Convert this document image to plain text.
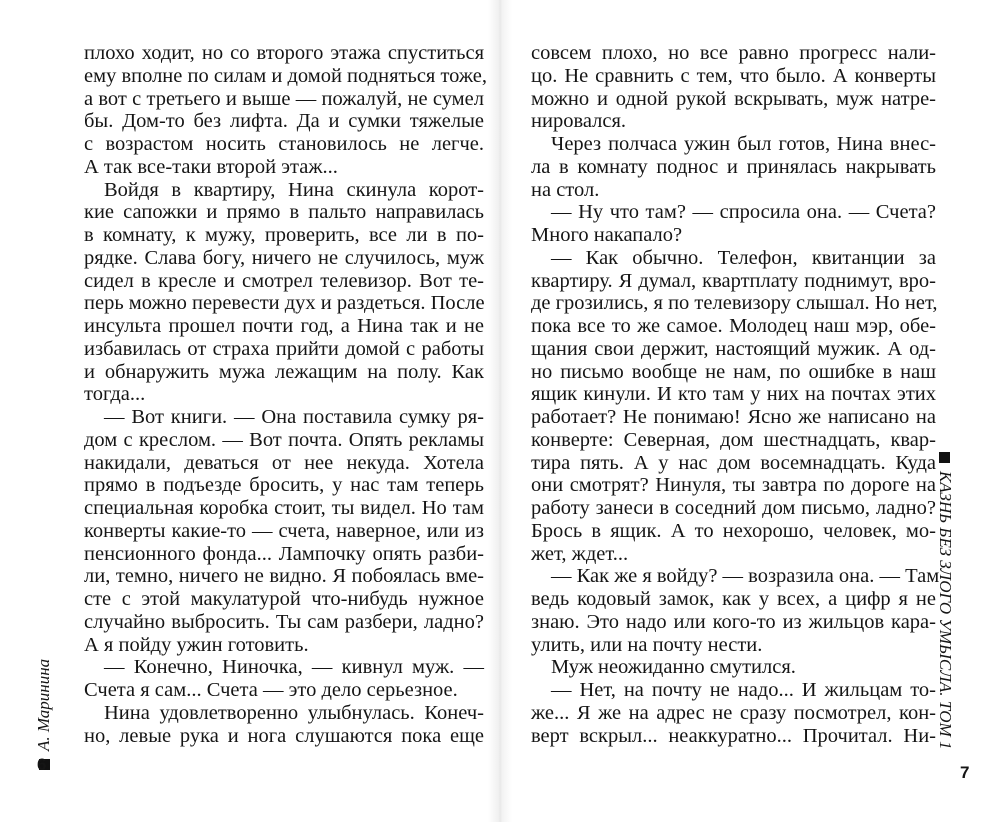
плохо ходит, но со второго этажа спуститься
ему вполне по силам и домой подняться тоже,
а вот с третьего и выше — пожалуй, не сумел
бы. Дом-то без лифта. Да и сумки тяжелые
с возрастом носить становилось не легче.
А так все-таки второй этаж...
Войдя в квартиру, Нина скинула корот-
кие сапожки и прямо в пальто направилась
в комнату, к мужу, проверить, все ли в по-
рядке. Слава богу, ничего не случилось, муж
сидел в кресле и смотрел телевизор. Вот те-
перь можно перевести дух и раздеться. После
инсульта прошел почти год, а Нина так и не
избавилась от страха прийти домой с работы
и обнаружить мужа лежащим на полу. Как
тогда...
— Вот книги. — Она поставила сумку ря-
дом с креслом. — Вот почта. Опять рекламы
накидали, деваться от нее некуда. Хотела
прямо в подъезде бросить, у нас там теперь
специальная коробка стоит, ты видел. Но там
конверты какие-то — счета, наверное, или из
пенсионного фонда... Лампочку опять разби-
ли, темно, ничего не видно. Я побоялась вме-
сте с этой макулатурой что-нибудь нужное
случайно выбросить. Ты сам разбери, ладно?
А я пойду ужин готовить.
— Конечно, Ниночка, — кивнул муж. —
Счета я сам... Счета — это дело серьезное.
Нина удовлетворенно улыбнулась. Конеч-
но, левые рука и нога слушаются пока еще
совсем плохо, но все равно прогресс нали-
цо. Не сравнить с тем, что было. А конверты
можно и одной рукой вскрывать, муж натре-
нировался.
Через полчаса ужин был готов, Нина внес-
ла в комнату поднос и принялась накрывать
на стол.
— Ну что там? — спросила она. — Счета?
Много накапало?
— Как обычно. Телефон, квитанции за
квартиру. Я думал, квартплату поднимут, вро-
де грозились, я по телевизору слышал. Но нет,
пока все то же самое. Молодец наш мэр, обе-
щания свои держит, настоящий мужик. А од-
но письмо вообще не нам, по ошибке в наш
ящик кинули. И кто там у них на почтах этих
работает? Не понимаю! Ясно же написано на
конверте: Северная, дом шестнадцать, квар-
тира пять. А у нас дом восемнадцать. Куда
они смотрят? Нинуля, ты завтра по дороге на
работу занеси в соседний дом письмо, ладно?
Брось в ящик. А то нехорошо, человек, мо-
жет, ждет...
— Как же я войду? — возразила она. — Там
ведь кодовый замок, как у всех, а цифр я не
знаю. Это надо или кого-то из жильцов кара-
улить, или на почту нести.
Муж неожиданно смутился.
— Нет, на почту не надо... И жильцам то-
же... Я же на адрес не сразу посмотрел, кон-
верт вскрыл... неаккуратно... Прочитал. Ни-
А. Маринина	КАЗНЬ БЕЗ ЗЛОГО УМЫСЛА. ТОМ 1
6	7
